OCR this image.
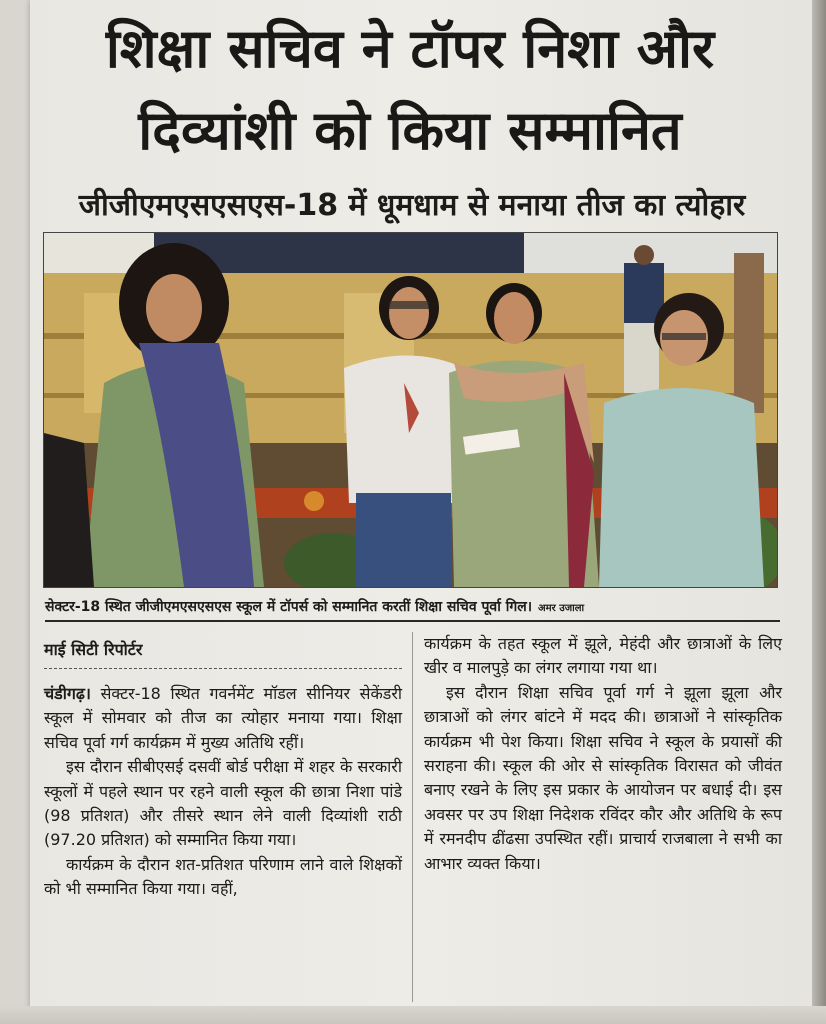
शिक्षा सचिव ने टॉपर निशा और
दिव्यांशी को किया सम्मानित
जीजीएमएसएसएस-18 में धूमधाम से मनाया तीज का त्योहार
सेक्टर-18 स्थित जीजीएमएसएसएस स्कूल में टॉपर्स को सम्मानित करतीं शिक्षा सचिव पूर्वा गिल। अमर उजाला
माई सिटी रिपोर्टर

चंडीगढ़। सेक्टर-18 स्थित गवर्नमेंट मॉडल सीनियर सेकेंडरी स्कूल में सोमवार को तीज का त्योहार मनाया गया। शिक्षा सचिव पूर्वा गर्ग कार्यक्रम में मुख्य अतिथि रहीं।

इस दौरान सीबीएसई दसवीं बोर्ड परीक्षा में शहर के सरकारी स्कूलों में पहले स्थान पर रहने वाली स्कूल की छात्रा निशा पांडे (98 प्रतिशत) और तीसरे स्थान लेने वाली दिव्यांशी राठी (97.20 प्रतिशत) को सम्मानित किया गया।

कार्यक्रम के दौरान शत-प्रतिशत परिणाम लाने वाले शिक्षकों को भी सम्मानित किया गया। वहीं,

कार्यक्रम के तहत स्कूल में झूले, मेहंदी और छात्राओं के लिए खीर व मालपुड़े का लंगर लगाया गया था।

इस दौरान शिक्षा सचिव पूर्वा गर्ग ने झूला झूला और छात्राओं को लंगर बांटने में मदद की। छात्राओं ने सांस्कृतिक कार्यक्रम भी पेश किया। शिक्षा सचिव ने स्कूल के प्रयासों की सराहना की। स्कूल की ओर से सांस्कृतिक विरासत को जीवंत बनाए रखने के लिए इस प्रकार के आयोजन पर बधाई दी। इस अवसर पर उप शिक्षा निदेशक रविंदर कौर और अतिथि के रूप में रमनदीप ढींढसा उपस्थित रहीं। प्राचार्य राजबाला ने सभी का आभार व्यक्त किया।
